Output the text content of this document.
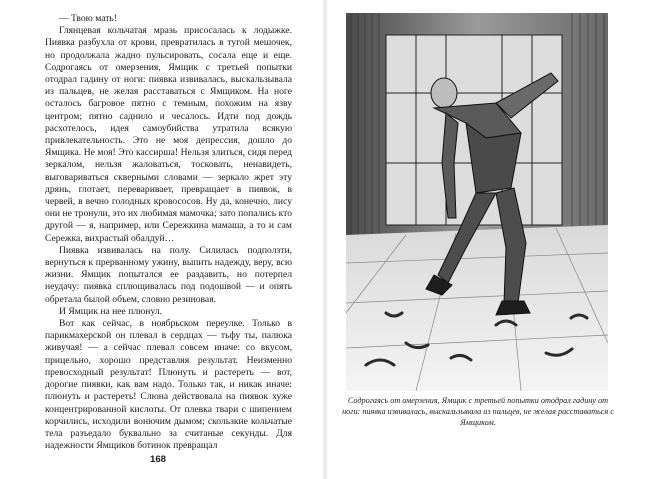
— Твою мать!

Глянцевая кольчатая мразь присосалась к лодыжке. Пиявка разбухла от крови, превратилась в тугой мешочек, но продолжала жадно пульсировать, сосала еще и еще. Содрогаясь от омерзения, Ямщик с третьей попытки отодрал гадину от ноги: пиявка извивалась, выскальзывала из пальцев, не желая расставаться с Ямщиком. На ноге осталось багровое пятно с темным, похожим на язву центром; пятно саднило и чесалось. Идти под дождь расхотелось, идея самоубийства утратила всякую привлекательность. Это не моя депрессия, дошло до Ямщика. Не моя! Это кассирша! Нельзя злиться, сидя перед зеркалом, нельзя жаловаться, тосковать, ненавидеть, выговариваться скверными словами — зеркало жрет эту дрянь, глотает, переваривает, превращает в пиявок, в червей, в вечно голодных кровососов. Ну да, конечно, лису они не тронули, это их любимая мамочка; зато попались кто другой — я, например, или Сережкина мамаша, а то и сам Сережка, вихрастый обалдуй…

Пиявка извивалась на полу. Силилась подползти, вернуться к прерванному ужину, выпить надежду, веру, всю жизни. Ямщик попытался ее раздавить, но потерпел неудачу: пиявка сплющивалась под подошвой — и опять обретала былой объем, словно резиновая.

И Ямщик на нее плюнул.

Вот как сейчас, в ноябрьском переулке. Только в парикмахерской он плевал в сердцах — тьфу ты, палюка живучая! — а сейчас плевал совсем иначе: со вкусом, прицельно, хорошо представляя результат. Неизменно превосходный результат! Плюнуть и растереть — вот, дорогие пиявки, как вам надо. Только так, и никак иначе: плюнуть и растереть! Слюна действовала на пиявок хуже концентрированной кислоты. От плевка твари с шипением корчились, исходили вонючим дымом; скользкие кольчатые тела разъедало буквально за считаные секунды. Для надежности Ямщиков ботинок превращал

168
Содрогаясь от омерзения, Ямщик с третьей попытки отодрал гадину от ноги: пиявка извивалась, выскальзывала из пальцев, не желая расставаться с Ямщиком.
